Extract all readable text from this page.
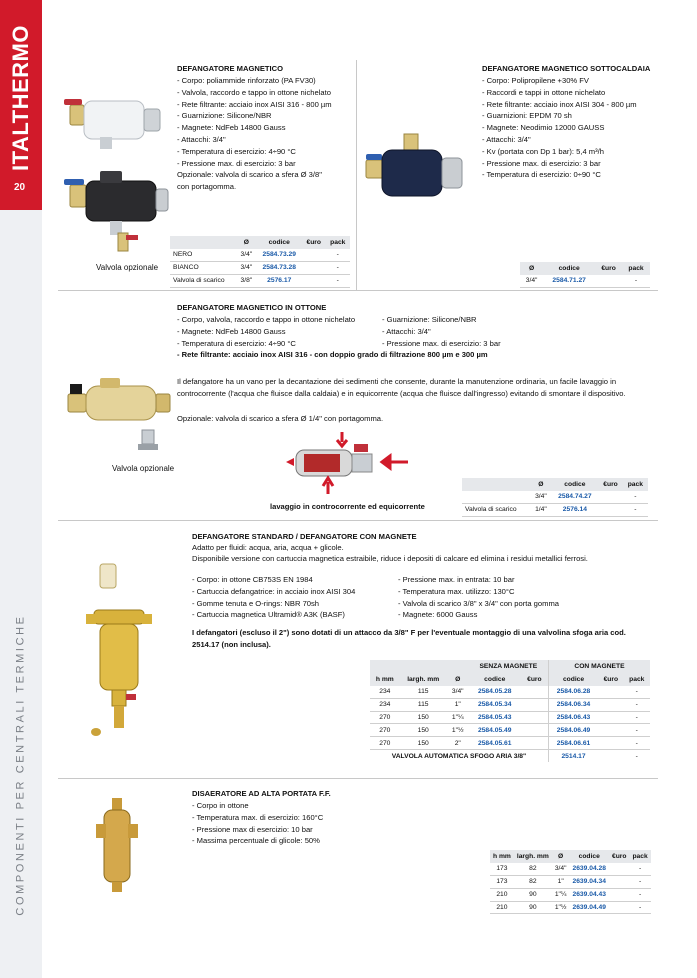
ITALTHERMO
20
COMPONENTI PER CENTRALI TERMICHE
Valvola opzionale
DEFANGATORE MAGNETICO
- Corpo: poliammide rinforzato (PA FV30)
- Valvola, raccordo e tappo in ottone nichelato
- Rete filtrante: acciaio inox AISI 316 - 800 µm
- Guarnizione: Silicone/NBR
- Magnete: NdFeb 14800 Gauss
- Attacchi: 3/4"
- Temperatura di esercizio: 4÷90 °C
- Pressione max. di esercizio: 3 bar
Opzionale: valvola di scarico a sfera Ø 3/8"
con portagomma.
	Ø	codice	€uro	pack
NERO	3/4"	2584.73.29		-
BIANCO	3/4"	2584.73.28		-
Valvola di scarico	3/8"	2576.17		-
DEFANGATORE MAGNETICO SOTTOCALDAIA
- Corpo: Polipropilene +30% FV
- Raccordi e tappi in ottone nichelato
- Rete filtrante: acciaio inox AISI 304 - 800 µm
- Guarnizioni: EPDM 70 sh
- Magnete: Neodimio 12000 GAUSS
- Attacchi: 3/4"
- Kv (portata con Dp 1 bar): 5,4 m³/h
- Pressione max. di esercizio: 3 bar
- Temperatura di esercizio: 0÷90 °C
Ø	codice	€uro	pack
3/4"	2584.71.27		-
DEFANGATORE MAGNETICO IN OTTONE
- Corpo, valvola, raccordo e tappo in ottone nichelato
- Magnete: NdFeb 14800 Gauss
- Temperatura di esercizio: 4÷90 °C
- Guarnizione: Silicone/NBR
- Attacchi: 3/4"
- Pressione max. di esercizio: 3 bar
- Rete filtrante: acciaio inox AISI 316 - con doppio grado di filtrazione 800 µm e 300 µm
Il defangatore ha un vano per la decantazione dei sedimenti che consente, durante la manutenzione ordinaria, un facile lavaggio in controcorrente (l'acqua che fluisce dalla caldaia) e in equicorrente (acqua che fluisce dall'ingresso) evitando di smontare il dispositivo.
Opzionale: valvola di scarico a sfera Ø 1/4" con portagomma.
Valvola opzionale
lavaggio in controcorrente ed equicorrente
	Ø	codice	€uro	pack
	3/4"	2584.74.27		-
Valvola di scarico	1/4"	2576.14		-
DEFANGATORE STANDARD / DEFANGATORE CON MAGNETE
Adatto per fluidi: acqua, aria, acqua + glicole.
Disponibile versione con cartuccia magnetica estraibile, riduce i depositi di calcare ed elimina i residui metallici ferrosi.
- Corpo: in ottone CB753S EN 1984
- Cartuccia defangatrice: in acciaio inox AISI 304
- Gomme tenuta e O-rings: NBR 70sh
- Cartuccia magnetica Ultramid® A3K (BASF)
- Pressione max. in entrata: 10 bar
- Temperatura max. utilizzo: 130°C
- Valvola di scarico 3/8" x 3/4" con porta gomma
- Magnete: 6000 Gauss
I defangatori (escluso il 2") sono dotati di un attacco da 3/8" F per l'eventuale montaggio di una valvolina sfoga aria cod. 2514.17 (non inclusa).
			SENZA MAGNETE		CON MAGNETE		
h mm	largh. mm	Ø	codice	€uro	codice	€uro	pack
234	115	3/4"	2584.05.28		2584.06.28		-
234	115	1"	2584.05.34		2584.06.34		-
270	150	1"¼	2584.05.43		2584.06.43		-
270	150	1"½	2584.05.49		2584.06.49		-
270	150	2"	2584.05.61		2584.06.61		-
VALVOLA AUTOMATICA SFOGO ARIA 3/8"					2514.17		-
DISAERATORE AD ALTA PORTATA F.F.
- Corpo in ottone
- Temperatura max. di esercizio: 160°C
- Pressione max di esercizio: 10 bar
- Massima percentuale di glicole: 50%
h mm	largh. mm	Ø	codice	€uro	pack
173	82	3/4"	2639.04.28		-
173	82	1"	2639.04.34		-
210	90	1"¼	2639.04.43		-
210	90	1"½	2639.04.49		-
